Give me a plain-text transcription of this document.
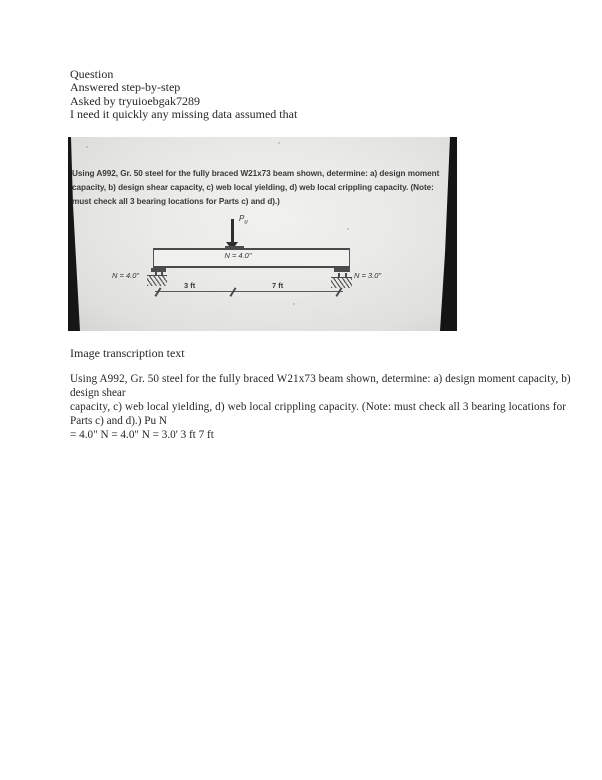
Question
Answered step-by-step
Asked by tryuioebgak7289
I need it quickly any missing data assumed that
Using A992, Gr. 50 steel for the fully braced W21x73 beam shown, determine: a) design moment
capacity, b) design shear capacity, c) web local yielding, d) web local crippling capacity. (Note:
must check all 3 bearing locations for Parts c) and d).)
$P_u$
N = 4.0"
N = 4.0"	N = 3.0"
3 ft	7 ft
Image transcription text
Using A992, Gr. 50 steel for the fully braced W21x73 beam shown, determine: a) design moment capacity, b)
design shear
capacity, c) web local yielding, d) web local crippling capacity. (Note: must check all 3 bearing locations for
Parts c) and d).) Pu N
= 4.0" N = 4.0" N = 3.0' 3 ft 7 ft
